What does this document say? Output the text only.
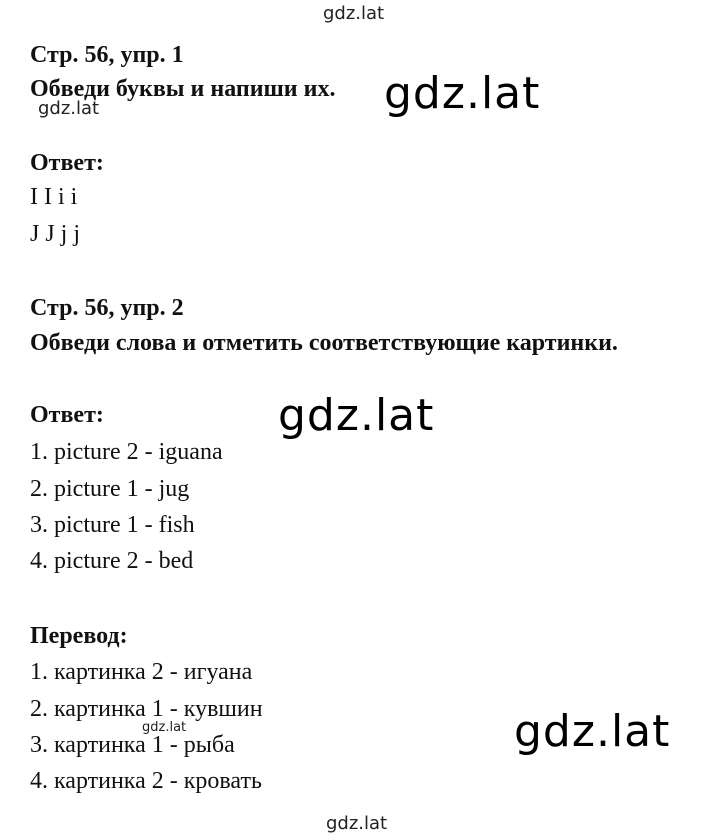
gdz.lat
gdz.lat	gdz.lat
gdz.lat
gdz.lat	gdz.lat
gdz.lat
Стр. 56, упр. 1
Обведи буквы и напиши их.
Ответ:
I I i i
J J j j
Стр. 56, упр. 2
Обведи слова и отметить соответствующие картинки.
Ответ:
1. picture 2 - iguana
2. picture 1 - jug
3. picture 1 - fish
4. picture 2 - bed
Перевод:
1. картинка 2 - игуана
2. картинка 1 - кувшин
3. картинка 1 - рыба
4. картинка 2 - кровать
